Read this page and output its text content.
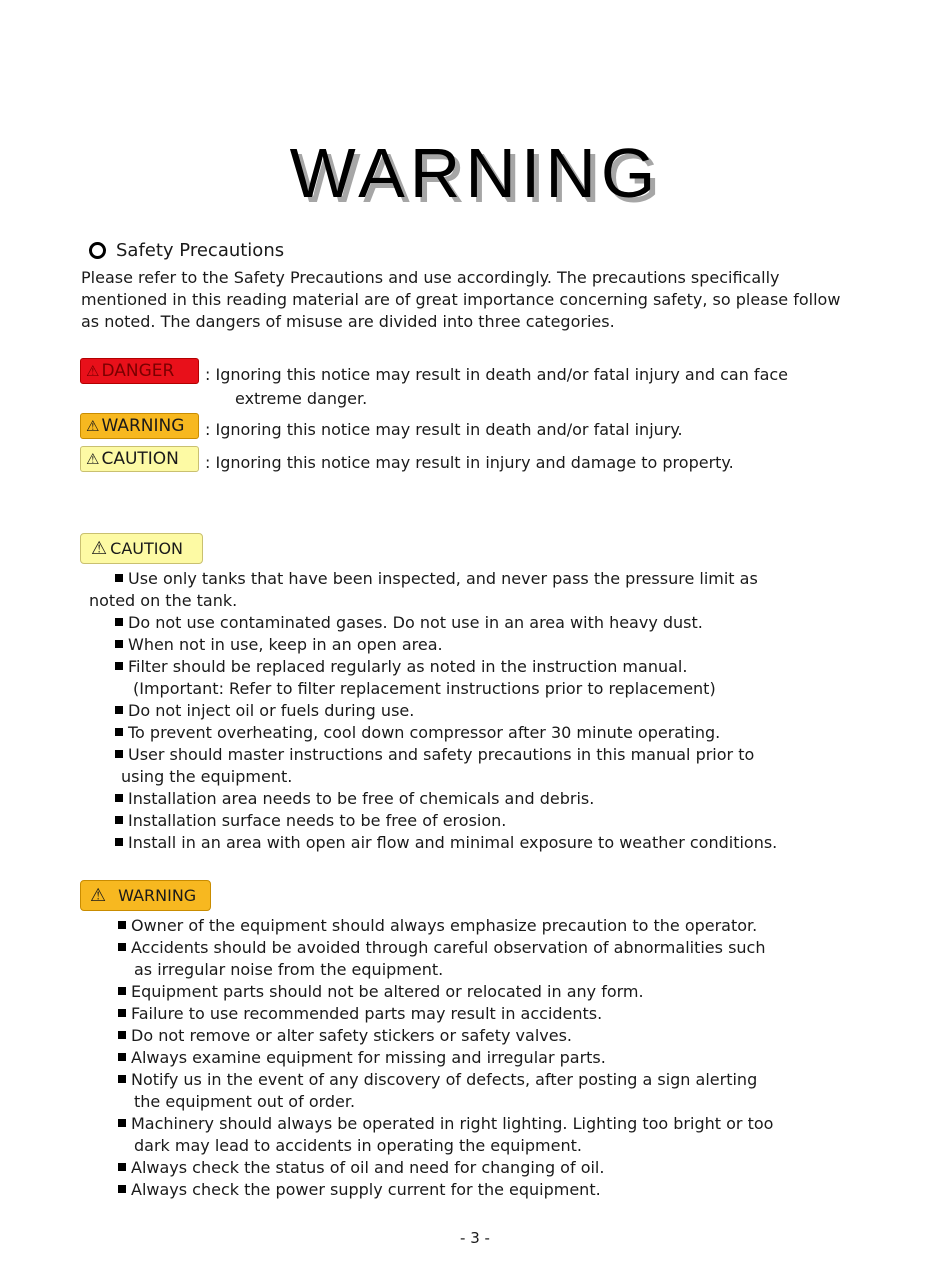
WARNING
Safety Precautions
Please refer to the Safety Precautions and use accordingly. The precautions specifically
mentioned in this reading material are of great importance concerning safety, so please follow
as noted. The dangers of misuse are divided into three categories.
⚠ DANGER : Ignoring this notice may result in death and/or fatal injury and can face
extreme danger.
⚠ WARNING : Ignoring this notice may result in death and/or fatal injury.
⚠ CAUTION : Ignoring this notice may result in injury and damage to property.
⚠ CAUTION
Use only tanks that have been inspected, and never pass the pressure limit as
noted on the tank.
Do not use contaminated gases. Do not use in an area with heavy dust.
When not in use, keep in an open area.
Filter should be replaced regularly as noted in the instruction manual.
(Important: Refer to filter replacement instructions prior to replacement)
Do not inject oil or fuels during use.
To prevent overheating, cool down compressor after 30 minute operating.
User should master instructions and safety precautions in this manual prior to
using the equipment.
Installation area needs to be free of chemicals and debris.
Installation surface needs to be free of erosion.
Install in an area with open air flow and minimal exposure to weather conditions.
⚠ WARNING
Owner of the equipment should always emphasize precaution to the operator.
Accidents should be avoided through careful observation of abnormalities such
as irregular noise from the equipment.
Equipment parts should not be altered or relocated in any form.
Failure to use recommended parts may result in accidents.
Do not remove or alter safety stickers or safety valves.
Always examine equipment for missing and irregular parts.
Notify us in the event of any discovery of defects, after posting a sign alerting
the equipment out of order.
Machinery should always be operated in right lighting. Lighting too bright or too
dark may lead to accidents in operating the equipment.
Always check the status of oil and need for changing of oil.
Always check the power supply current for the equipment.
- 3 -
